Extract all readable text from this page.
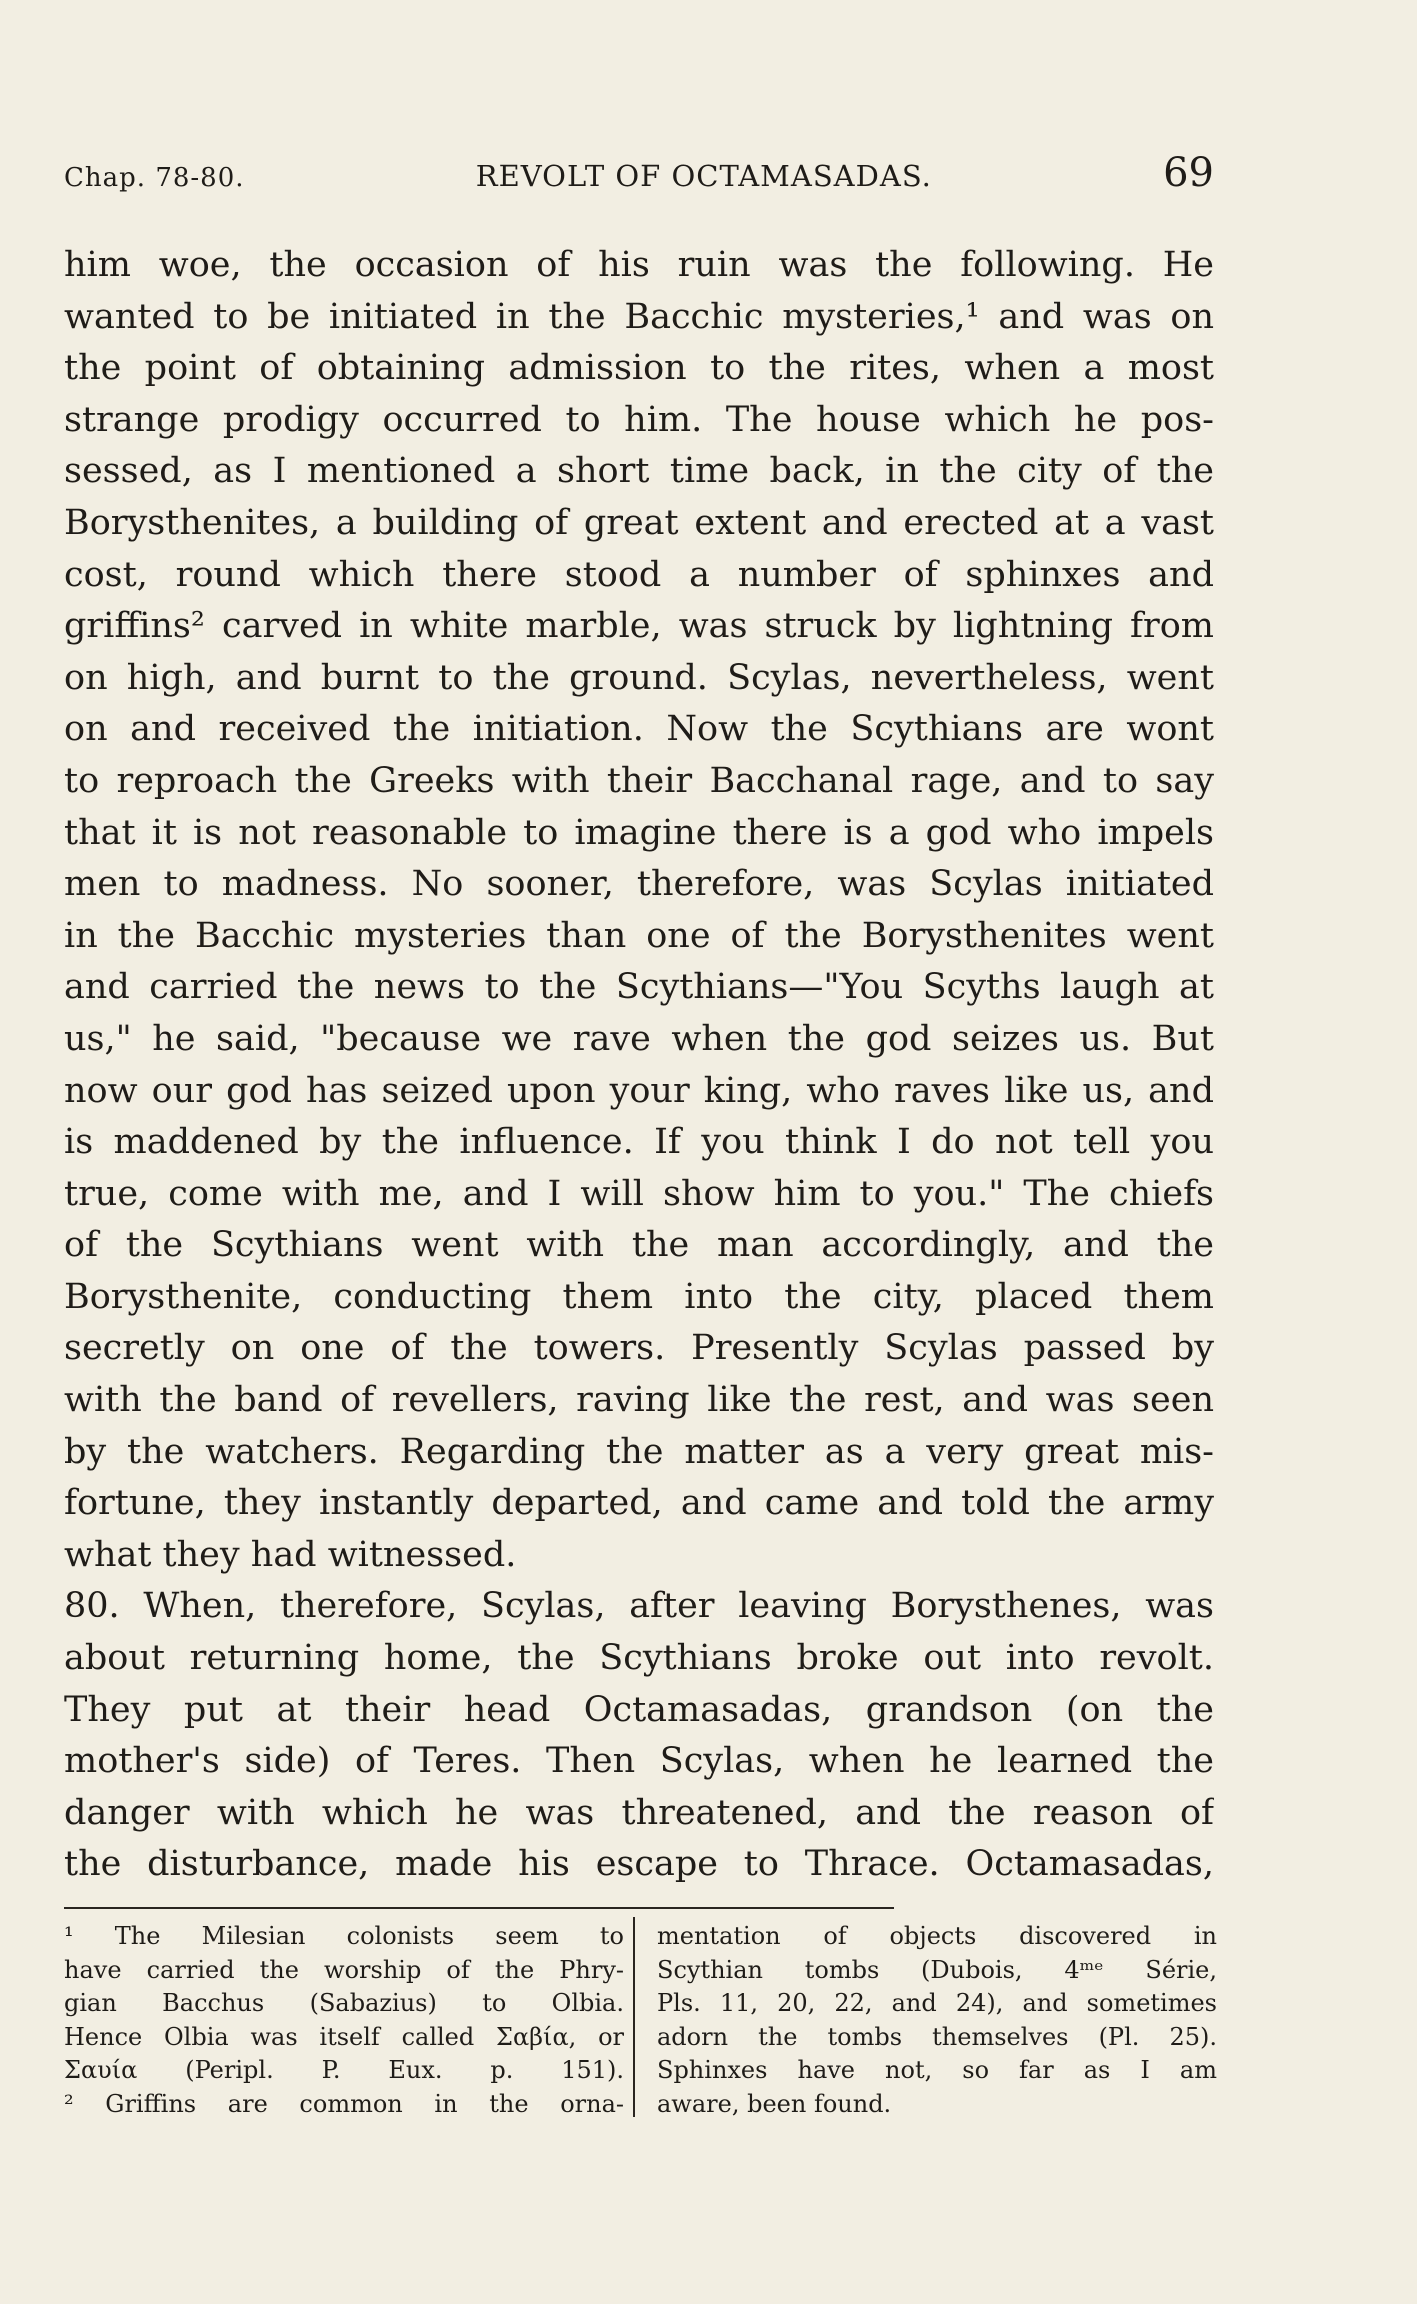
Chap. 78-80.	REVOLT OF OCTAMASADAS.	69
him woe, the occasion of his ruin was the following. He
wanted to be initiated in the Bacchic mysteries,¹ and was on
the point of obtaining admission to the rites, when a most
strange prodigy occurred to him. The house which he pos-
sessed, as I mentioned a short time back, in the city of the
Borysthenites, a building of great extent and erected at a vast
cost, round which there stood a number of sphinxes and
griffins² carved in white marble, was struck by lightning from
on high, and burnt to the ground. Scylas, nevertheless, went
on and received the initiation. Now the Scythians are wont
to reproach the Greeks with their Bacchanal rage, and to say
that it is not reasonable to imagine there is a god who impels
men to madness. No sooner, therefore, was Scylas initiated
in the Bacchic mysteries than one of the Borysthenites went
and carried the news to the Scythians—"You Scyths laugh at
us," he said, "because we rave when the god seizes us. But
now our god has seized upon your king, who raves like us, and
is maddened by the influence. If you think I do not tell you
true, come with me, and I will show him to you." The chiefs
of the Scythians went with the man accordingly, and the
Borysthenite, conducting them into the city, placed them
secretly on one of the towers. Presently Scylas passed by
with the band of revellers, raving like the rest, and was seen
by the watchers. Regarding the matter as a very great mis-
fortune, they instantly departed, and came and told the army
what they had witnessed.
80. When, therefore, Scylas, after leaving Borysthenes, was
about returning home, the Scythians broke out into revolt.
They put at their head Octamasadas, grandson (on the
mother's side) of Teres. Then Scylas, when he learned the
danger with which he was threatened, and the reason of
the disturbance, made his escape to Thrace. Octamasadas,
¹ The Milesian colonists seem to
have carried the worship of the Phry-
gian Bacchus (Sabazius) to Olbia.
Hence Olbia was itself called Σαβία, or
Σαυία (Peripl. P. Eux. p. 151).
² Griffins are common in the orna-
mentation of objects discovered in
Scythian tombs (Dubois, 4ᵐᵉ Série,
Pls. 11, 20, 22, and 24), and sometimes
adorn the tombs themselves (Pl. 25).
Sphinxes have not, so far as I am
aware, been found.
